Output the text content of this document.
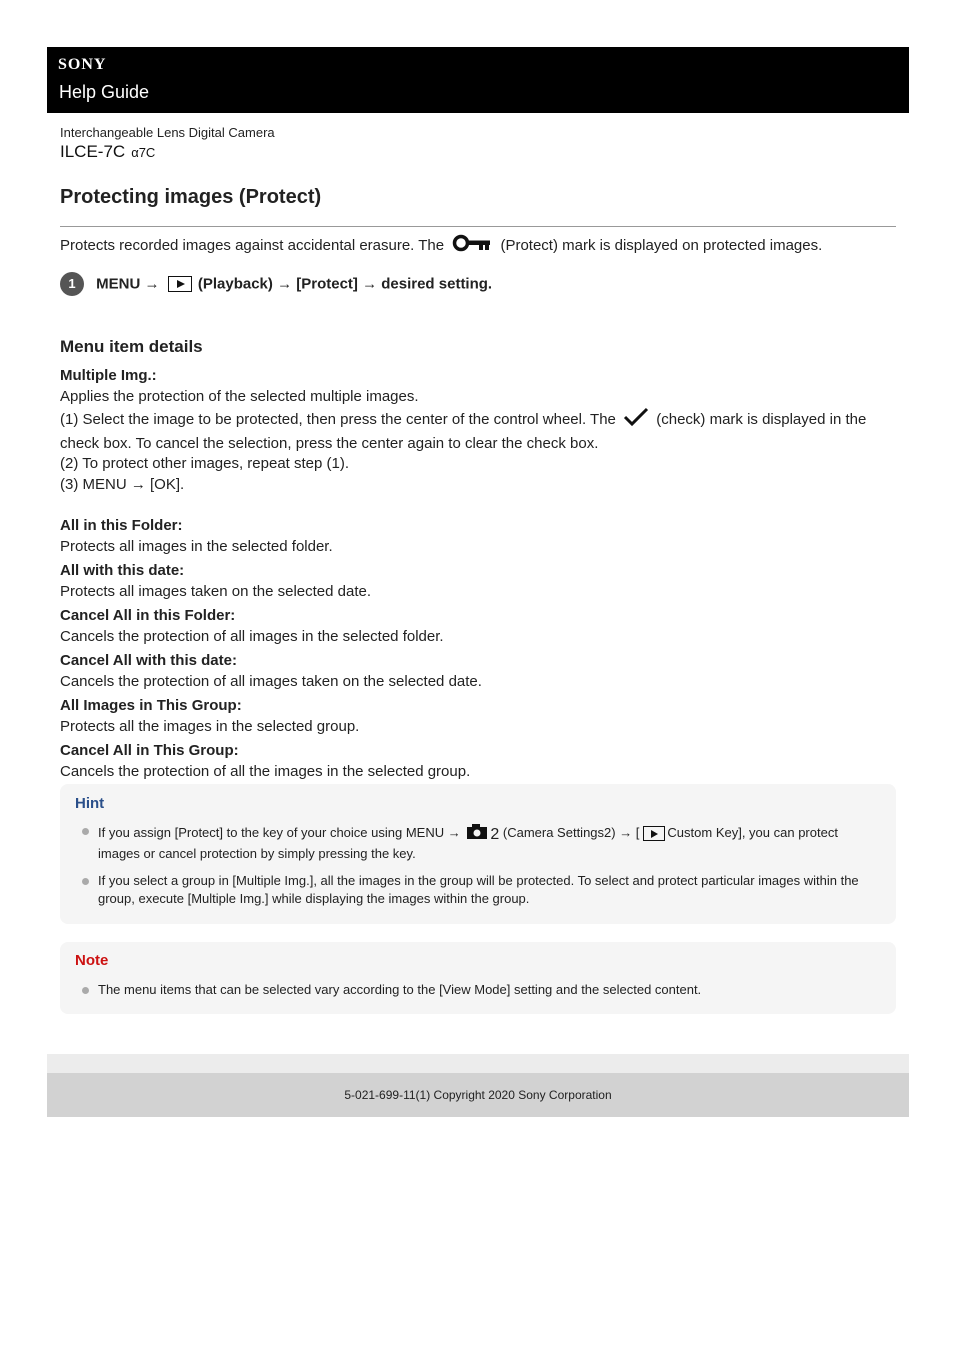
SONY
Help Guide
Interchangeable Lens Digital Camera
ILCE-7C α7C
Protecting images (Protect)
Protects recorded images against accidental erasure. The	(Protect) mark is displayed on protected images.
1 MENU →	(Playback) → [Protect] → desired setting.
Menu item details
Multiple Img.:
Applies the protection of the selected multiple images.
(1) Select the image to be protected, then press the center of the control wheel. The	(check) mark is displayed in the check box. To cancel the selection, press the center again to clear the check box.
(2) To protect other images, repeat step (1).
(3) MENU → [OK].
All in this Folder:
Protects all images in the selected folder.
All with this date:
Protects all images taken on the selected date.
Cancel All in this Folder:
Cancels the protection of all images in the selected folder.
Cancel All with this date:
Cancels the protection of all images taken on the selected date.
All Images in This Group:
Protects all the images in the selected group.
Cancel All in This Group:
Cancels the protection of all the images in the selected group.
Hint
If you assign [Protect] to the key of your choice using MENU → 2 (Camera Settings2) → [ Custom Key], you can protect images or cancel protection by simply pressing the key.
If you select a group in [Multiple Img.], all the images in the group will be protected. To select and protect particular images within the group, execute [Multiple Img.] while displaying the images within the group.
Note
The menu items that can be selected vary according to the [View Mode] setting and the selected content.
5-021-699-11(1) Copyright 2020 Sony Corporation
